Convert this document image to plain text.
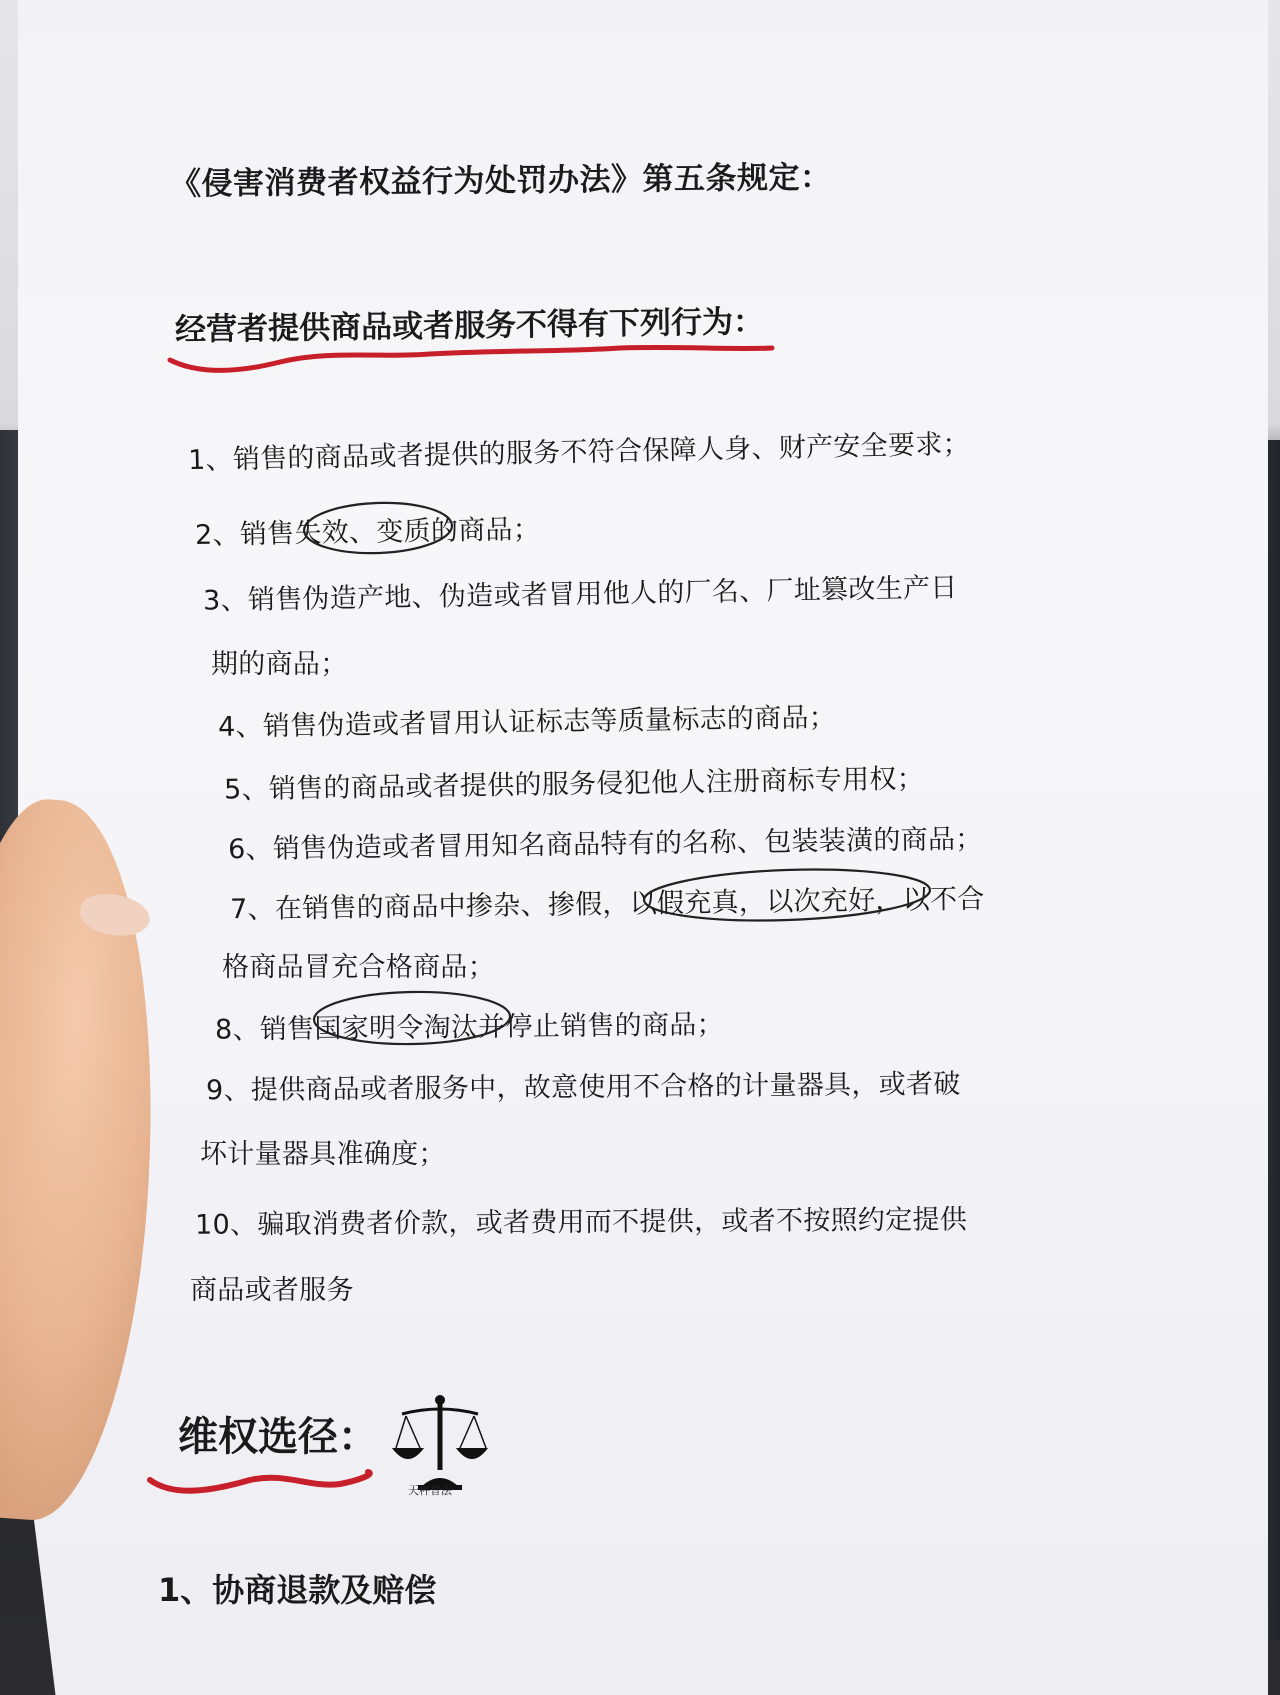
《侵害消费者权益行为处罚办法》第五条规定：
经营者提供商品或者服务不得有下列行为：
1、销售的商品或者提供的服务不符合保障人身、财产安全要求；
2、销售失效、变质的商品；
3、销售伪造产地、伪造或者冒用他人的厂名、厂址篡改生产日
期的商品；
4、销售伪造或者冒用认证标志等质量标志的商品；
5、销售的商品或者提供的服务侵犯他人注册商标专用权；
6、销售伪造或者冒用知名商品特有的名称、包装装潢的商品；
7、在销售的商品中掺杂、掺假，以假充真，以次充好，以不合
格商品冒充合格商品；
8、销售国家明令淘汰并停止销售的商品；
9、提供商品或者服务中，故意使用不合格的计量器具，或者破
坏计量器具准确度；
10、骗取消费者价款，或者费用而不提供，或者不按照约定提供
商品或者服务
维权选径：
1、协商退款及赔偿
天秤普法
